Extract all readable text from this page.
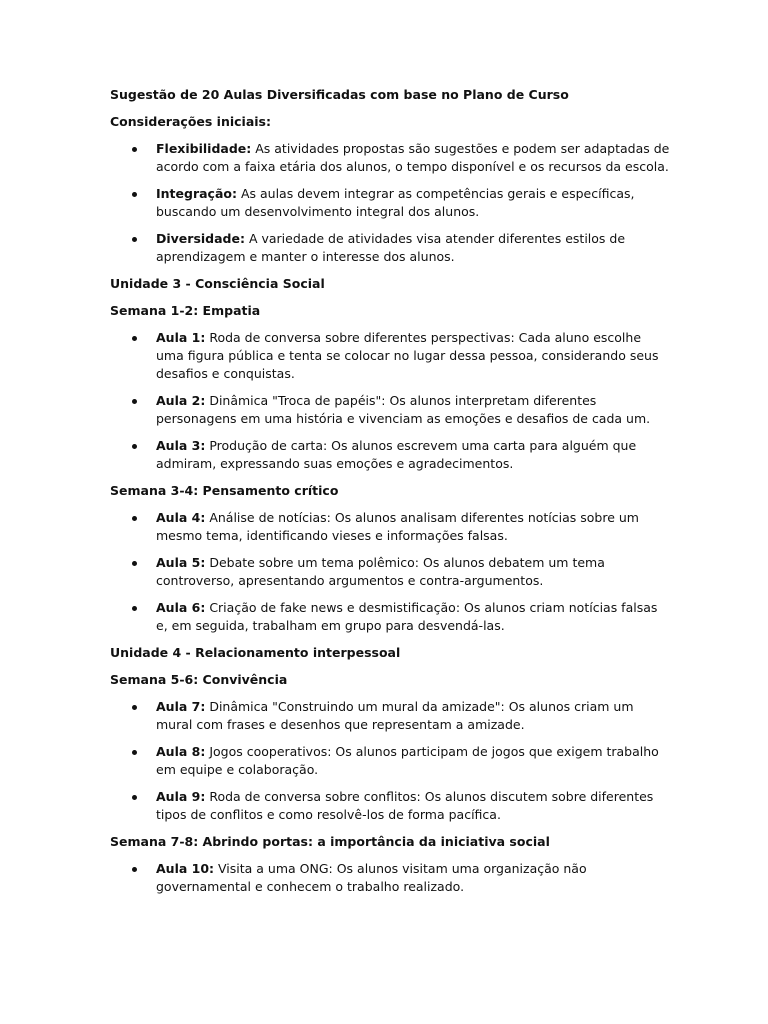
Sugestão de 20 Aulas Diversificadas com base no Plano de Curso

Considerações iniciais:

Flexibilidade: As atividades propostas são sugestões e podem ser adaptadas de acordo com a faixa etária dos alunos, o tempo disponível e os recursos da escola.
Integração: As aulas devem integrar as competências gerais e específicas, buscando um desenvolvimento integral dos alunos.
Diversidade: A variedade de atividades visa atender diferentes estilos de aprendizagem e manter o interesse dos alunos.

Unidade 3 - Consciência Social

Semana 1-2: Empatia

Aula 1: Roda de conversa sobre diferentes perspectivas: Cada aluno escolhe uma figura pública e tenta se colocar no lugar dessa pessoa, considerando seus desafios e conquistas.
Aula 2: Dinâmica "Troca de papéis": Os alunos interpretam diferentes personagens em uma história e vivenciam as emoções e desafios de cada um.
Aula 3: Produção de carta: Os alunos escrevem uma carta para alguém que admiram, expressando suas emoções e agradecimentos.

Semana 3-4: Pensamento crítico

Aula 4: Análise de notícias: Os alunos analisam diferentes notícias sobre um mesmo tema, identificando vieses e informações falsas.
Aula 5: Debate sobre um tema polêmico: Os alunos debatem um tema controverso, apresentando argumentos e contra-argumentos.
Aula 6: Criação de fake news e desmistificação: Os alunos criam notícias falsas e, em seguida, trabalham em grupo para desvendá-las.

Unidade 4 - Relacionamento interpessoal

Semana 5-6: Convivência

Aula 7: Dinâmica "Construindo um mural da amizade": Os alunos criam um mural com frases e desenhos que representam a amizade.
Aula 8: Jogos cooperativos: Os alunos participam de jogos que exigem trabalho em equipe e colaboração.
Aula 9: Roda de conversa sobre conflitos: Os alunos discutem sobre diferentes tipos de conflitos e como resolvê-los de forma pacífica.

Semana 7-8: Abrindo portas: a importância da iniciativa social

Aula 10: Visita a uma ONG: Os alunos visitam uma organização não governamental e conhecem o trabalho realizado.
